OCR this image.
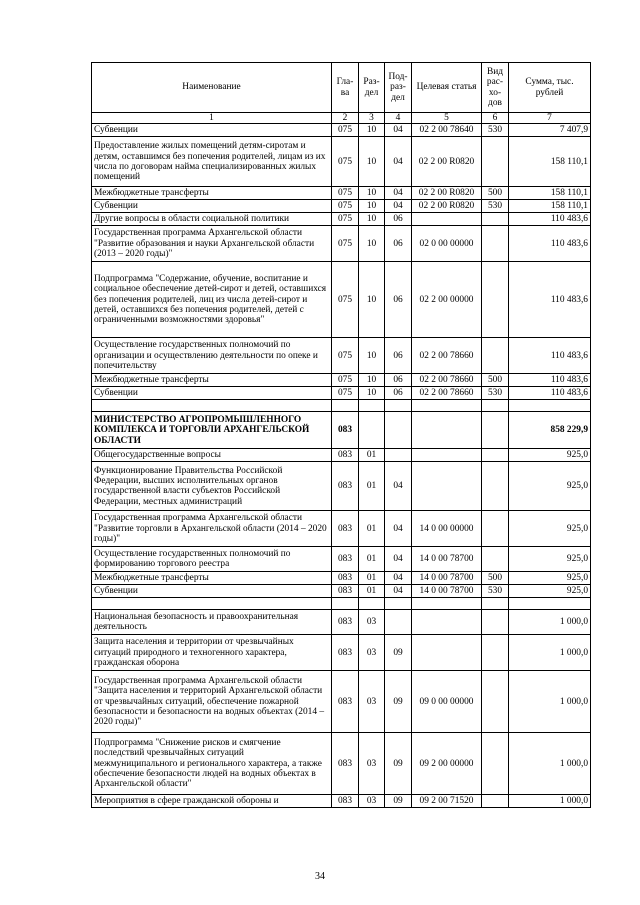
Наименование	Гла-ва	Раз-дел	Под-раз-дел	Целевая статья	Вид рас-хо-дов	Сумма, тыс. рублей
1	2	3	4	5	6	7
Субвенции	075	10	04	02 2 00 78640	530	7 407,9
Предоставление жилых помещений детям-сиротам и детям, оставшимся без попечения родителей, лицам из их числа по договорам найма специализированных жилых помещений	075	10	04	02 2 00 R0820		158 110,1
Межбюджетные трансферты	075	10	04	02 2 00 R0820	500	158 110,1
Субвенции	075	10	04	02 2 00 R0820	530	158 110,1
Другие вопросы в области социальной политики	075	10	06			110 483,6
Государственная программа Архангельской области "Развитие образования и науки Архангельской области (2013 – 2020 годы)"	075	10	06	02 0 00 00000		110 483,6
Подпрограмма "Содержание, обучение, воспитание и социальное обеспечение детей-сирот и детей, оставшихся без попечения родителей, лиц из числа детей-сирот и детей, оставшихся без попечения родителей, детей с ограниченными возможностями здоровья"	075	10	06	02 2 00 00000		110 483,6
Осуществление государственных полномочий по организации и осуществлению деятельности по опеке и попечительству	075	10	06	02 2 00 78660		110 483,6
Межбюджетные трансферты	075	10	06	02 2 00 78660	500	110 483,6
Субвенции	075	10	06	02 2 00 78660	530	110 483,6

МИНИСТЕРСТВО АГРОПРОМЫШЛЕННОГО КОМПЛЕКСА И ТОРГОВЛИ АРХАНГЕЛЬСКОЙ ОБЛАСТИ	083					858 229,9
Общегосударственные вопросы	083	01				925,0
Функционирование Правительства Российской Федерации, высших исполнительных органов государственной власти субъектов Российской Федерации, местных администраций	083	01	04			925,0
Государственная программа Архангельской области "Развитие торговли в Архангельской области (2014 – 2020 годы)"	083	01	04	14 0 00 00000		925,0
Осуществление государственных полномочий по формированию торгового реестра	083	01	04	14 0 00 78700		925,0
Межбюджетные трансферты	083	01	04	14 0 00 78700	500	925,0
Субвенции	083	01	04	14 0 00 78700	530	925,0

Национальная безопасность и правоохранительная деятельность	083	03				1 000,0
Защита населения и территории от чрезвычайных ситуаций природного и техногенного характера, гражданская оборона	083	03	09			1 000,0
Государственная программа Архангельской области "Защита населения и территорий Архангельской области от чрезвычайных ситуаций, обеспечение пожарной безопасности и безопасности на водных объектах (2014 – 2020 годы)"	083	03	09	09 0 00 00000		1 000,0
Подпрограмма "Снижение рисков и смягчение последствий чрезвычайных ситуаций межмуниципального и регионального характера, а также обеспечение безопасности людей на водных объектах в Архангельской области"	083	03	09	09 2 00 00000		1 000,0
Мероприятия в сфере гражданской обороны и	083	03	09	09 2 00 71520		1 000,0
34
